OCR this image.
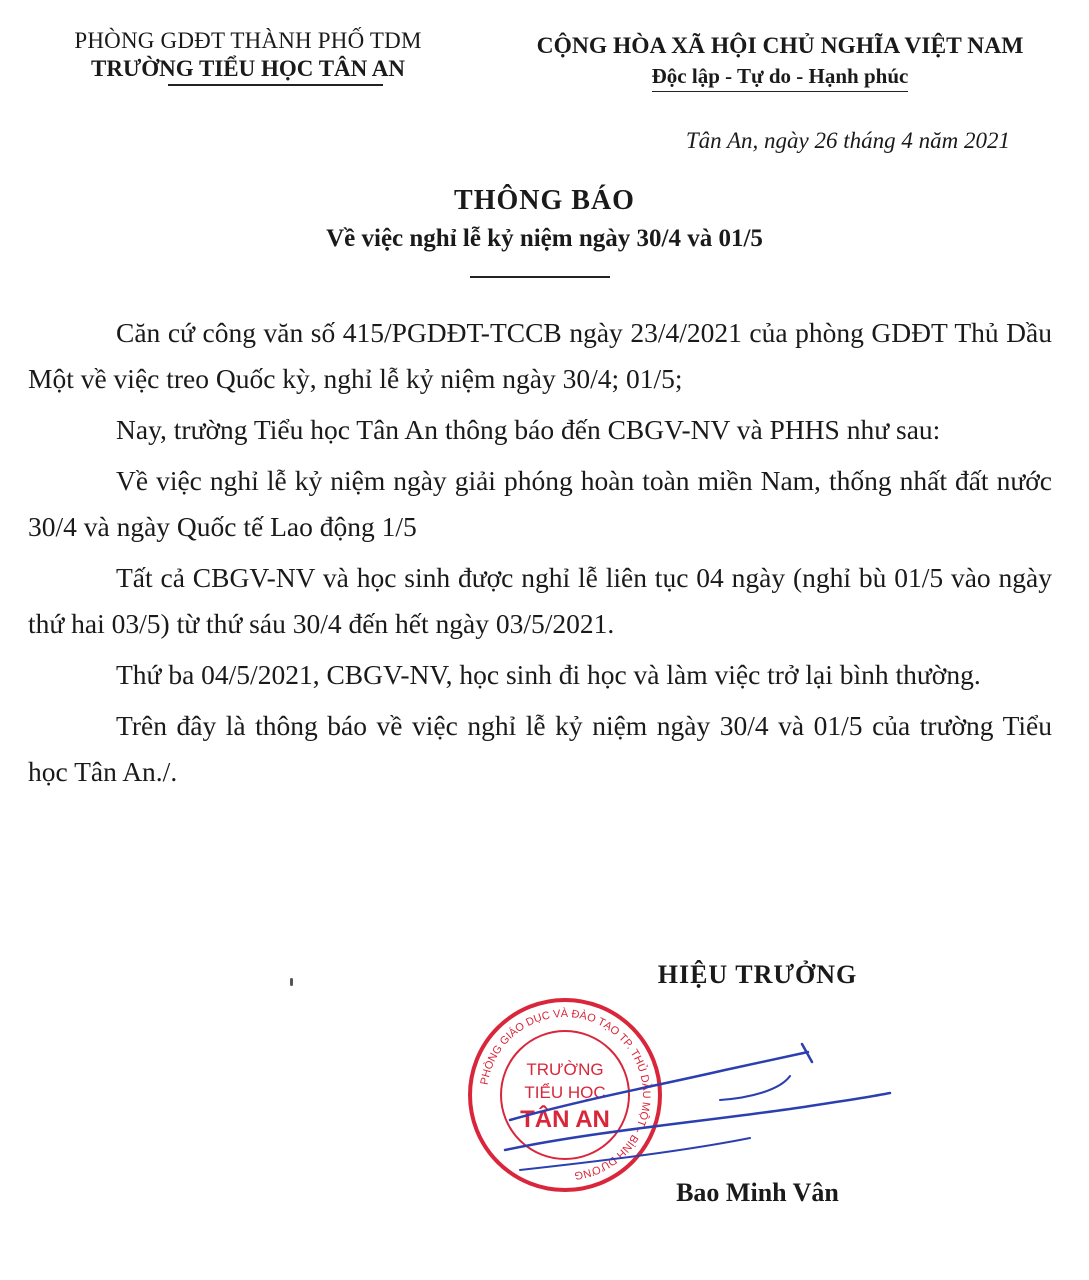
PHÒNG GDĐT THÀNH PHỐ TDM
TRƯỜNG TIỂU HỌC TÂN AN
CỘNG HÒA XÃ HỘI CHỦ NGHĨA VIỆT NAM
Độc lập - Tự do - Hạnh phúc
Tân An, ngày 26 tháng 4 năm 2021
THÔNG BÁO
Về việc nghỉ lễ kỷ niệm ngày 30/4 và 01/5

Căn cứ công văn số 415/PGDĐT-TCCB ngày 23/4/2021 của phòng GDĐT Thủ Dầu Một về việc treo Quốc kỳ, nghỉ lễ kỷ niệm ngày 30/4; 01/5;

Nay, trường Tiểu học Tân An thông báo đến CBGV-NV và PHHS như sau:

Về việc nghỉ lễ kỷ niệm ngày giải phóng hoàn toàn miền Nam, thống nhất đất nước 30/4 và ngày Quốc tế Lao động 1/5

Tất cả CBGV-NV và học sinh được nghỉ lễ liên tục 04 ngày (nghỉ bù 01/5 vào ngày thứ hai 03/5) từ thứ sáu 30/4 đến hết ngày 03/5/2021.

Thứ ba 04/5/2021, CBGV-NV, học sinh đi học và làm việc trở lại bình thường.

Trên đây là thông báo về việc nghỉ lễ kỷ niệm ngày 30/4 và 01/5 của trường Tiểu học Tân An./.

HIỆU TRƯỞNG
PHÒNG GIÁO DỤC VÀ ĐÀO TẠO TP. THỦ DẦU MỘT - BÌNH DƯƠNG
TRƯỜNG
TIỂU HỌC
TÂN AN
Bao Minh Vân
